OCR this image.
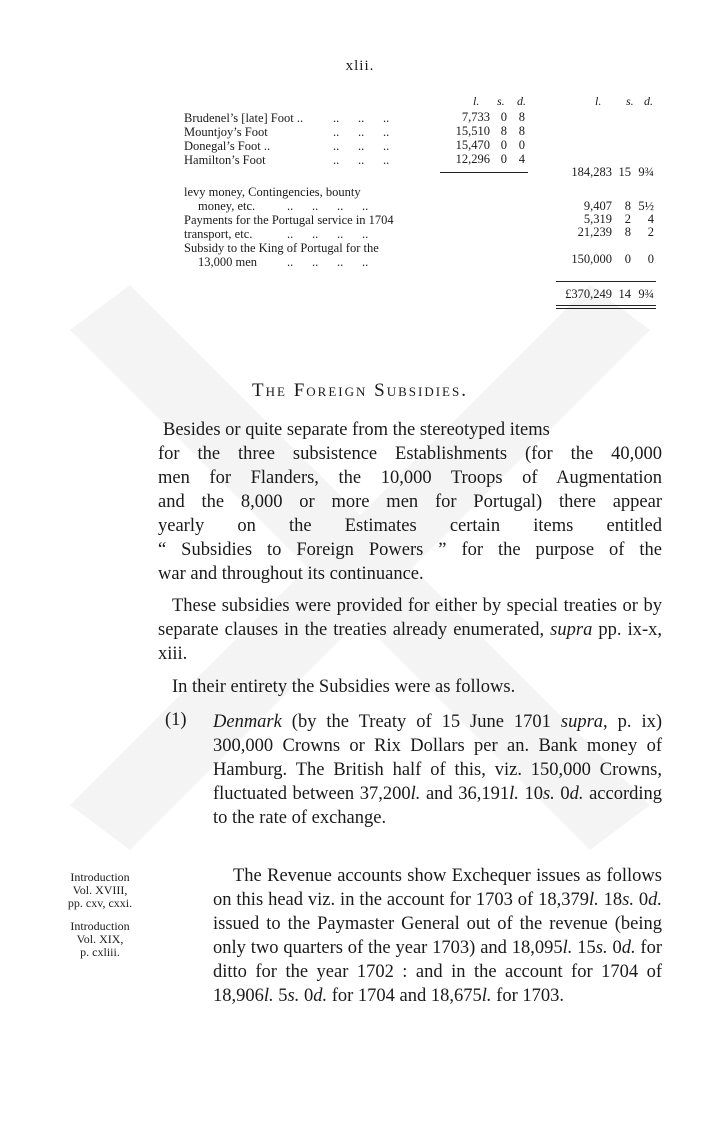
xlii.
l. s. d.	l. s. d.
Brudenel’s [late] Foot .. ..      ..      ..	7,733 0 8
Mountjoy’s Foot	..      ..      ..	15,510 8 8
Donegal’s Foot ..	..      ..      ..	15,470 0 0
Hamilton’s Foot	..      ..      ..	12,296 0 4
184,283 15 9¾
levy money, Contingencies, bounty
money, etc.	..      ..      ..      ..	9,407 8 5½
Payments for the Portugal service in 1704	5,319 2 4
transport, etc.	..      ..      ..      ..	21,239 8 2
Subsidy to the King of Portugal for the
13,000 men ..      ..      ..      ..	150,000 0 0
£370,249 14 9¾
The Foreign Subsidies.
Besides or quite separate from the stereotyped items
for the three subsistence Establishments (for the 40,000
men for Flanders, the 10,000 Troops of Augmentation
and the 8,000 or more men for Portugal) there appear
yearly on the Estimates certain items entitled
“ Subsidies to Foreign Powers ” for the purpose of the
war and throughout its continuance.
These subsidies were provided for either by special treaties or by separate clauses in the treaties already enumerated, supra pp. ix-x, xiii.
In their entirety the Subsidies were as follows.
(1) Denmark (by the Treaty of 15 June 1701 supra, p. ix) 300,000 Crowns or Rix Dollars per an. Bank money of Hamburg. The British half of this, viz. 150,000 Crowns, fluctuated between 37,200l. and 36,191l. 10s. 0d. according to the rate of exchange.
Introduction
Vol. XVIII,
pp. cxv, cxxi.
Introduction
Vol. XIX,
p. cxliii.
The Revenue accounts show Exchequer issues as follows on this head viz. in the account for 1703 of 18,379l. 18s. 0d. issued to the Paymaster General out of the revenue (being only two quarters of the year 1703) and 18,095l. 15s. 0d. for ditto for the year 1702 : and in the account for 1704 of 18,906l. 5s. 0d. for 1704 and 18,675l. for 1703.
